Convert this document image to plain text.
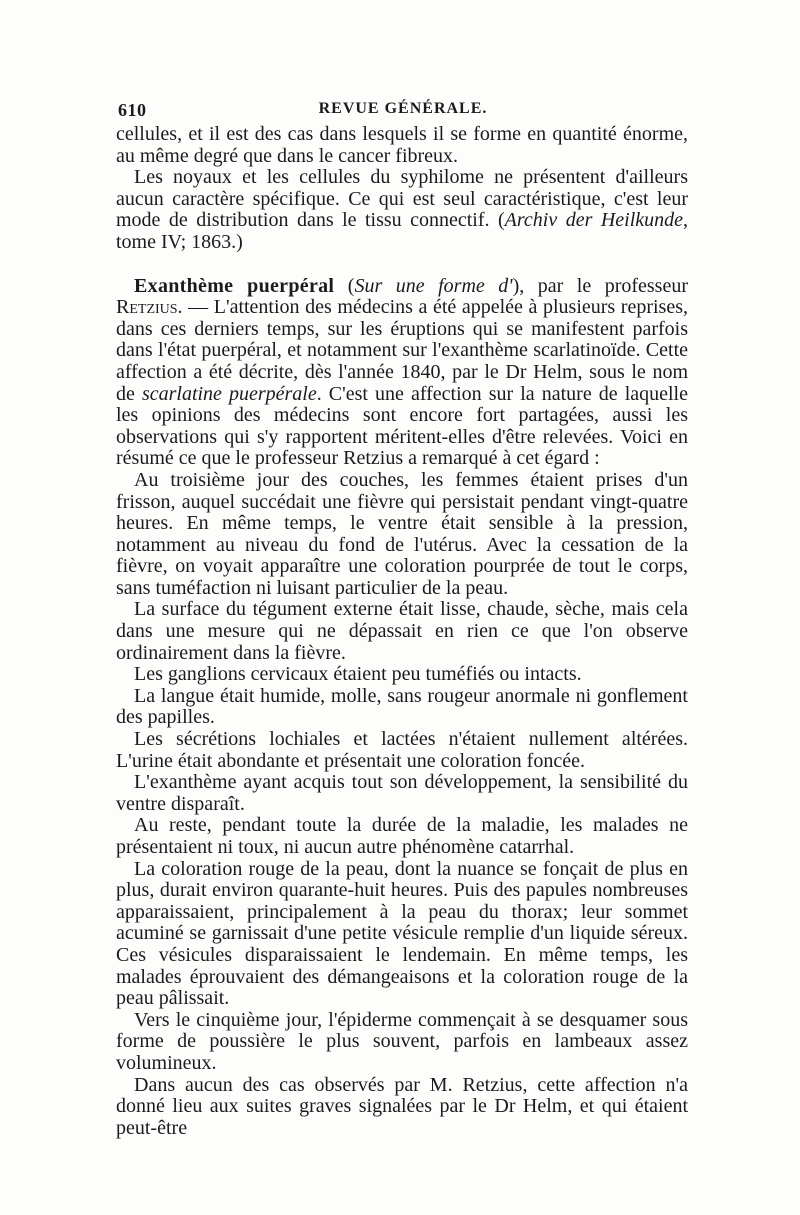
610	REVUE GÉNÉRALE.

cellules, et il est des cas dans lesquels il se forme en quantité énorme, au même degré que dans le cancer fibreux.

Les noyaux et les cellules du syphilome ne présentent d'ailleurs aucun caractère spécifique. Ce qui est seul caractéristique, c'est leur mode de distribution dans le tissu connectif. (Archiv der Heilkunde, tome IV; 1863.)

Exanthème puerpéral (Sur une forme d'), par le professeur Retzius. — L'attention des médecins a été appelée à plusieurs reprises, dans ces derniers temps, sur les éruptions qui se manifestent parfois dans l'état puerpéral, et notamment sur l'exanthème scarlatinoïde. Cette affection a été décrite, dès l'année 1840, par le Dr Helm, sous le nom de scarlatine puerpérale. C'est une affection sur la nature de laquelle les opinions des médecins sont encore fort partagées, aussi les observations qui s'y rapportent méritent-elles d'être relevées. Voici en résumé ce que le professeur Retzius a remarqué à cet égard :

Au troisième jour des couches, les femmes étaient prises d'un frisson, auquel succédait une fièvre qui persistait pendant vingt-quatre heures. En même temps, le ventre était sensible à la pression, notamment au niveau du fond de l'utérus. Avec la cessation de la fièvre, on voyait apparaître une coloration pourprée de tout le corps, sans tuméfaction ni luisant particulier de la peau.

La surface du tégument externe était lisse, chaude, sèche, mais cela dans une mesure qui ne dépassait en rien ce que l'on observe ordinairement dans la fièvre.

Les ganglions cervicaux étaient peu tuméfiés ou intacts.

La langue était humide, molle, sans rougeur anormale ni gonflement des papilles.

Les sécrétions lochiales et lactées n'étaient nullement altérées. L'urine était abondante et présentait une coloration foncée.

L'exanthème ayant acquis tout son développement, la sensibilité du ventre disparaît.

Au reste, pendant toute la durée de la maladie, les malades ne présentaient ni toux, ni aucun autre phénomène catarrhal.

La coloration rouge de la peau, dont la nuance se fonçait de plus en plus, durait environ quarante-huit heures. Puis des papules nombreuses apparaissaient, principalement à la peau du thorax; leur sommet acuminé se garnissait d'une petite vésicule remplie d'un liquide séreux. Ces vésicules disparaissaient le lendemain. En même temps, les malades éprouvaient des démangeaisons et la coloration rouge de la peau pâlissait.

Vers le cinquième jour, l'épiderme commençait à se desquamer sous forme de poussière le plus souvent, parfois en lambeaux assez volumineux.

Dans aucun des cas observés par M. Retzius, cette affection n'a donné lieu aux suites graves signalées par le Dr Helm, et qui étaient peut-être
